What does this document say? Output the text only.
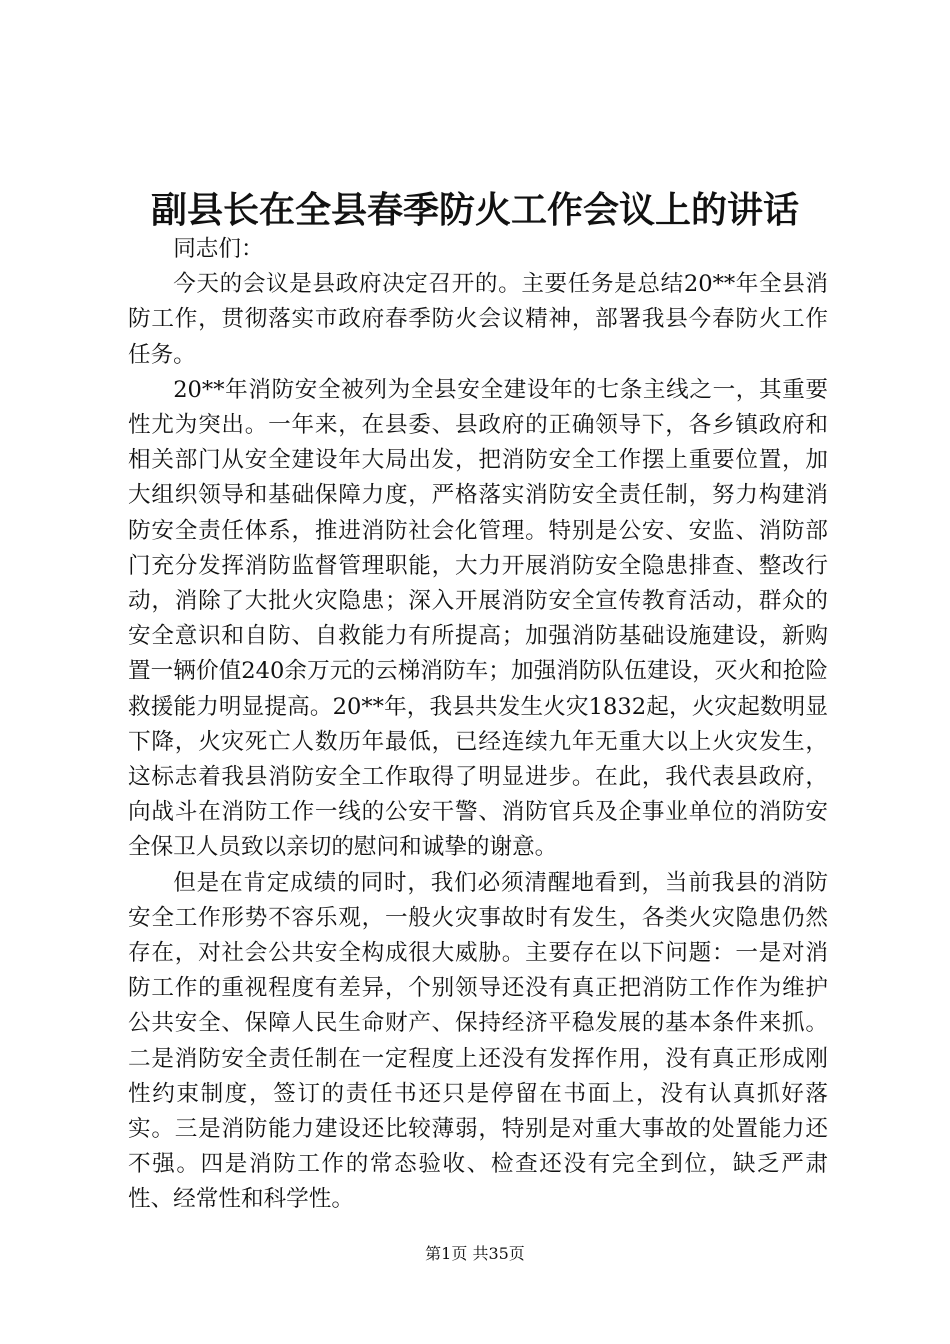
副县长在全县春季防火工作会议上的讲话

同志们：

今天的会议是县政府决定召开的。主要任务是总结20**年全县消防工作，贯彻落实市政府春季防火会议精神，部署我县今春防火工作任务。

20**年消防安全被列为全县安全建设年的七条主线之一，其重要性尤为突出。一年来，在县委、县政府的正确领导下，各乡镇政府和相关部门从安全建设年大局出发，把消防安全工作摆上重要位置，加大组织领导和基础保障力度，严格落实消防安全责任制，努力构建消防安全责任体系，推进消防社会化管理。特别是公安、安监、消防部门充分发挥消防监督管理职能，大力开展消防安全隐患排查、整改行动，消除了大批火灾隐患；深入开展消防安全宣传教育活动，群众的安全意识和自防、自救能力有所提高；加强消防基础设施建设，新购置一辆价值240余万元的云梯消防车；加强消防队伍建设，灭火和抢险救援能力明显提高。20**年，我县共发生火灾1832起，火灾起数明显下降，火灾死亡人数历年最低，已经连续九年无重大以上火灾发生，这标志着我县消防安全工作取得了明显进步。在此，我代表县政府，向战斗在消防工作一线的公安干警、消防官兵及企事业单位的消防安全保卫人员致以亲切的慰问和诚挚的谢意。

但是在肯定成绩的同时，我们必须清醒地看到，当前我县的消防安全工作形势不容乐观，一般火灾事故时有发生，各类火灾隐患仍然存在，对社会公共安全构成很大威胁。主要存在以下问题：一是对消防工作的重视程度有差异，个别领导还没有真正把消防工作作为维护公共安全、保障人民生命财产、保持经济平稳发展的基本条件来抓。二是消防安全责任制在一定程度上还没有发挥作用，没有真正形成刚性约束制度，签订的责任书还只是停留在书面上，没有认真抓好落实。三是消防能力建设还比较薄弱，特别是对重大事故的处置能力还不强。四是消防工作的常态验收、检查还没有完全到位，缺乏严肃性、经常性和科学性。

第1页 共35页
